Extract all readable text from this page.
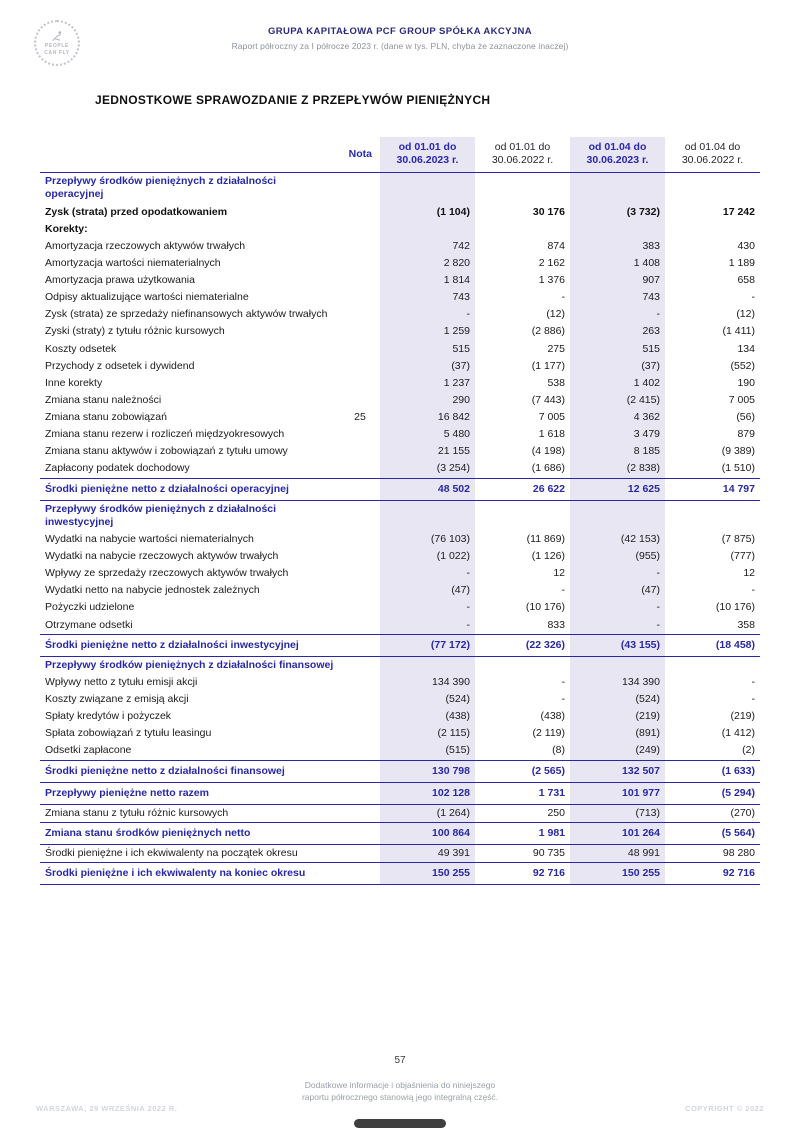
PEOPLE
CAN FLY
GRUPA KAPITAŁOWA PCF GROUP SPÓŁKA AKCYJNA
Raport półroczny za I półrocze 2023 r. (dane w tys. PLN, chyba że zaznaczone inaczej)
JEDNOSTKOWE SPRAWOZDANIE Z PRZEPŁYWÓW PIENIĘŻNYCH
	Nota	od 01.01 do 30.06.2023 r.	od 01.01 do 30.06.2022 r.	od 01.04 do 30.06.2023 r.	od 01.04 do 30.06.2022 r.
Przepływy środków pieniężnych z działalności operacyjnej					
Zysk (strata) przed opodatkowaniem		(1 104)	30 176	(3 732)	17 242
Korekty:					
Amortyzacja rzeczowych aktywów trwałych		742	874	383	430
Amortyzacja wartości niematerialnych		2 820	2 162	1 408	1 189
Amortyzacja prawa użytkowania		1 814	1 376	907	658
Odpisy aktualizujące wartości niematerialne		743	-	743	-
Zysk (strata) ze sprzedaży niefinansowych aktywów trwałych		-	(12)	-	(12)
Zyski (straty) z tytułu różnic kursowych		1 259	(2 886)	263	(1 411)
Koszty odsetek		515	275	515	134
Przychody z odsetek i dywidend		(37)	(1 177)	(37)	(552)
Inne korekty		1 237	538	1 402	190
Zmiana stanu należności		290	(7 443)	(2 415)	7 005
Zmiana stanu zobowiązań	25	16 842	7 005	4 362	(56)
Zmiana stanu rezerw i rozliczeń międzyokresowych		5 480	1 618	3 479	879
Zmiana stanu aktywów i zobowiązań z tytułu umowy		21 155	(4 198)	8 185	(9 389)
Zapłacony podatek dochodowy		(3 254)	(1 686)	(2 838)	(1 510)
Środki pieniężne netto z działalności operacyjnej		48 502	26 622	12 625	14 797
Przepływy środków pieniężnych z działalności inwestycyjnej					
Wydatki na nabycie wartości niematerialnych		(76 103)	(11 869)	(42 153)	(7 875)
Wydatki na nabycie rzeczowych aktywów trwałych		(1 022)	(1 126)	(955)	(777)
Wpływy ze sprzedaży rzeczowych aktywów trwałych		-	12	-	12
Wydatki netto na nabycie jednostek zależnych		(47)	-	(47)	-
Pożyczki udzielone		-	(10 176)	-	(10 176)
Otrzymane odsetki		-	833	-	358
Środki pieniężne netto z działalności inwestycyjnej		(77 172)	(22 326)	(43 155)	(18 458)
Przepływy środków pieniężnych z działalności finansowej					
Wpływy netto z tytułu emisji akcji		134 390	-	134 390	-
Koszty związane z emisją akcji		(524)	-	(524)	-
Spłaty kredytów i pożyczek		(438)	(438)	(219)	(219)
Spłata zobowiązań z tytułu leasingu		(2 115)	(2 119)	(891)	(1 412)
Odsetki zapłacone		(515)	(8)	(249)	(2)
Środki pieniężne netto z działalności finansowej		130 798	(2 565)	132 507	(1 633)
Przepływy pieniężne netto razem		102 128	1 731	101 977	(5 294)
Zmiana stanu z tytułu różnic kursowych		(1 264)	250	(713)	(270)
Zmiana stanu środków pieniężnych netto		100 864	1 981	101 264	(5 564)
Środki pieniężne i ich ekwiwalenty na początek okresu		49 391	90 735	48 991	98 280
Środki pieniężne i ich ekwiwalenty na koniec okresu		150 255	92 716	150 255	92 716
57
Dodatkowe informacje i objaśnienia do niniejszego
raportu półrocznego stanowią jego integralną część.
WARSZAWA, 29 WRZEŚNIA 2022 R.	COPYRIGHT © 2022
